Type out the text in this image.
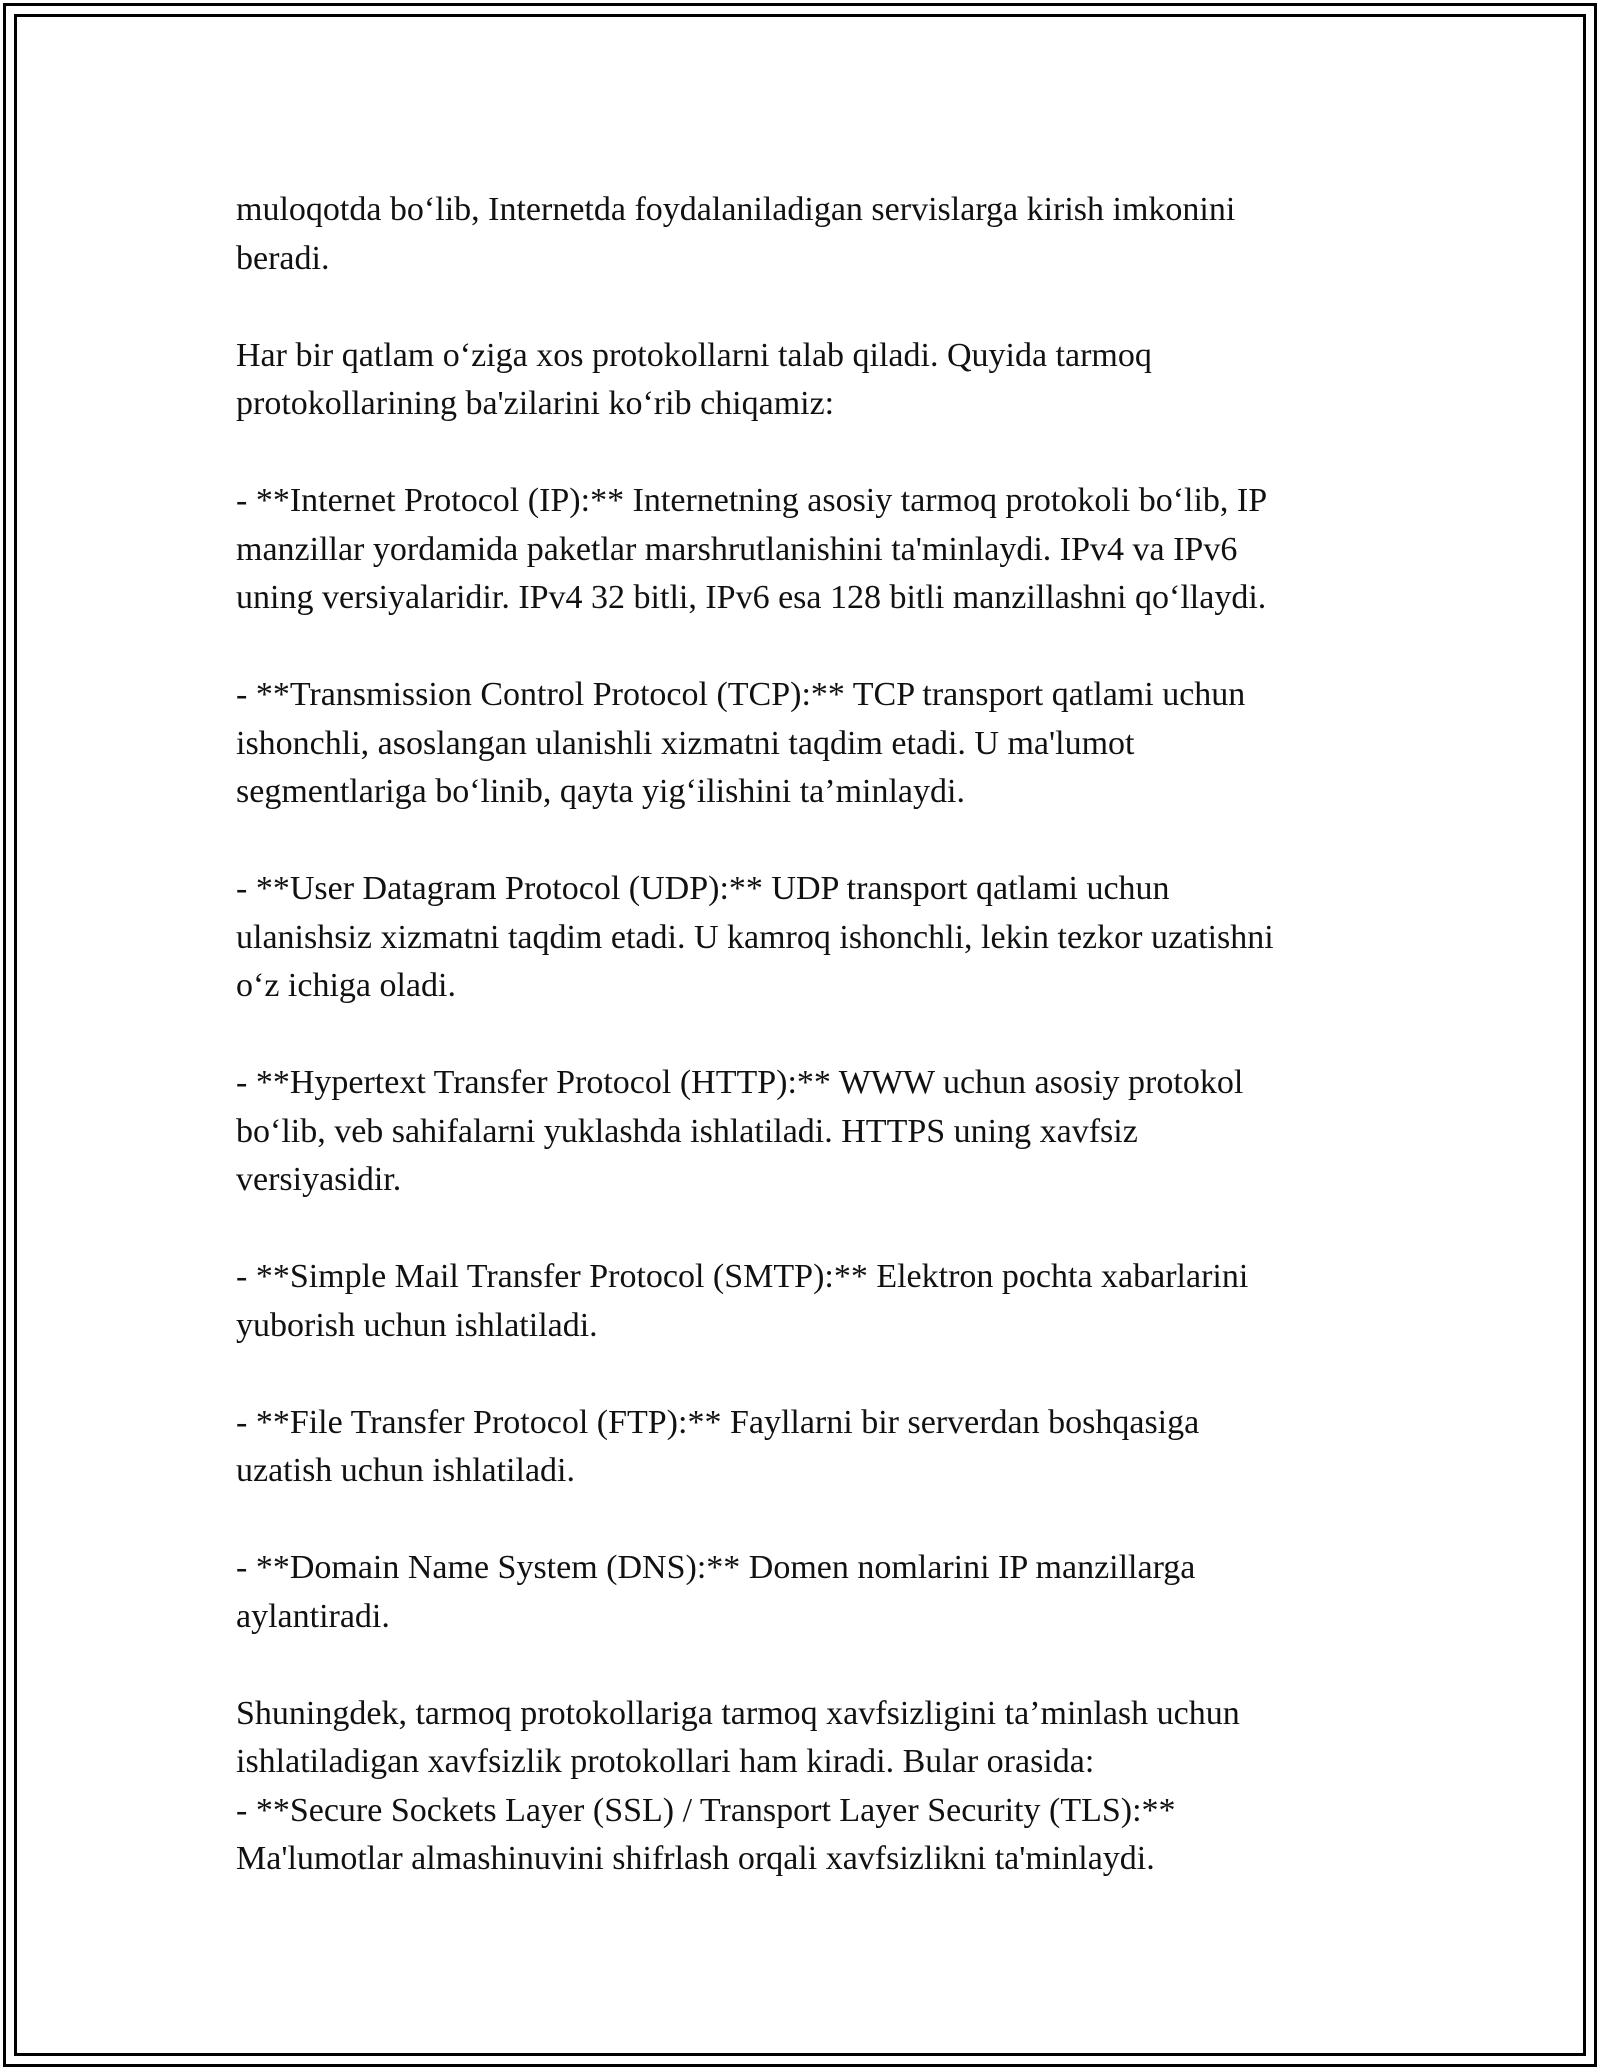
muloqotda bo‘lib, Internetda foydalaniladigan servislarga kirish imkonini
beradi.
Har bir qatlam o‘ziga xos protokollarni talab qiladi. Quyida tarmoq
protokollarining ba'zilarini ko‘rib chiqamiz:
- **Internet Protocol (IP):** Internetning asosiy tarmoq protokoli bo‘lib, IP
manzillar yordamida paketlar marshrutlanishini ta'minlaydi. IPv4 va IPv6
uning versiyalaridir. IPv4 32 bitli, IPv6 esa 128 bitli manzillashni qo‘llaydi.
- **Transmission Control Protocol (TCP):** TCP transport qatlami uchun
ishonchli, asoslangan ulanishli xizmatni taqdim etadi. U ma'lumot
segmentlariga bo‘linib, qayta yig‘ilishini ta’minlaydi.
- **User Datagram Protocol (UDP):** UDP transport qatlami uchun
ulanishsiz xizmatni taqdim etadi. U kamroq ishonchli, lekin tezkor uzatishni
o‘z ichiga oladi.
- **Hypertext Transfer Protocol (HTTP):** WWW uchun asosiy protokol
bo‘lib, veb sahifalarni yuklashda ishlatiladi. HTTPS uning xavfsiz
versiyasidir.
- **Simple Mail Transfer Protocol (SMTP):** Elektron pochta xabarlarini
yuborish uchun ishlatiladi.
- **File Transfer Protocol (FTP):** Fayllarni bir serverdan boshqasiga
uzatish uchun ishlatiladi.
- **Domain Name System (DNS):** Domen nomlarini IP manzillarga
aylantiradi.
Shuningdek, tarmoq protokollariga tarmoq xavfsizligini ta’minlash uchun
ishlatiladigan xavfsizlik protokollari ham kiradi. Bular orasida:
- **Secure Sockets Layer (SSL) / Transport Layer Security (TLS):**
Ma'lumotlar almashinuvini shifrlash orqali xavfsizlikni ta'minlaydi.
